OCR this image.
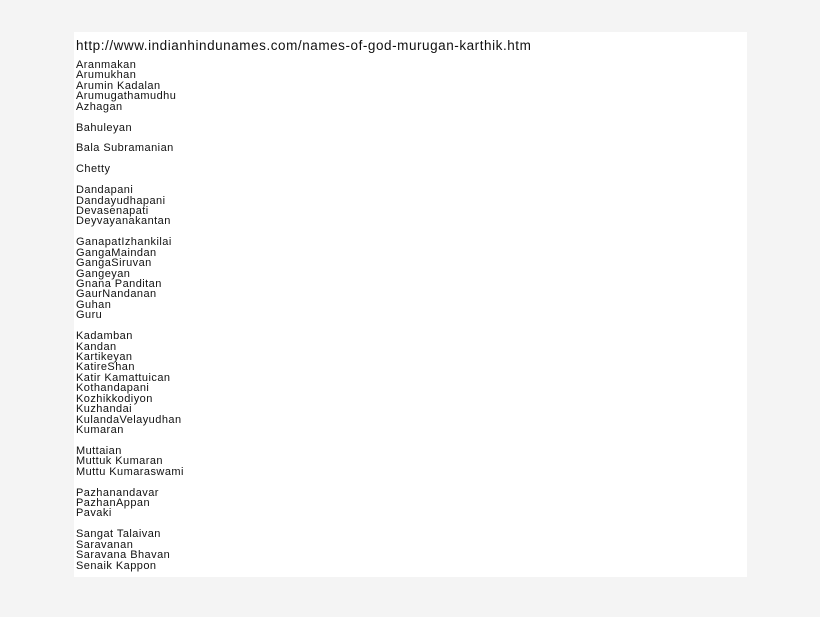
http://www.indianhindunames.com/names-of-god-murugan-karthik.htm
Aranmakan
Arumukhan
Arumin Kadalan
Arumugathamudhu
Azhagan
Bahuleyan
Bala Subramanian
Chetty
Dandapani
Dandayudhapani
Devasenapati
Deyvayanakantan
GanapatIzhankilai
GangaMaindan
GangaSiruvan
Gangeyan
Gnana Panditan
GaurNandanan
Guhan
Guru
Kadamban
Kandan
Kartikeyan
KatireShan
Katir Kamattuican
Kothandapani
Kozhikkodiyon
Kuzhandai
KulandaVelayudhan
Kumaran
Muttaian
Muttuk Kumaran
Muttu Kumaraswami
Pazhanandavar
PazhanAppan
Pavaki
Sangat Talaivan
Saravanan
Saravana Bhavan
Senaik Kappon
